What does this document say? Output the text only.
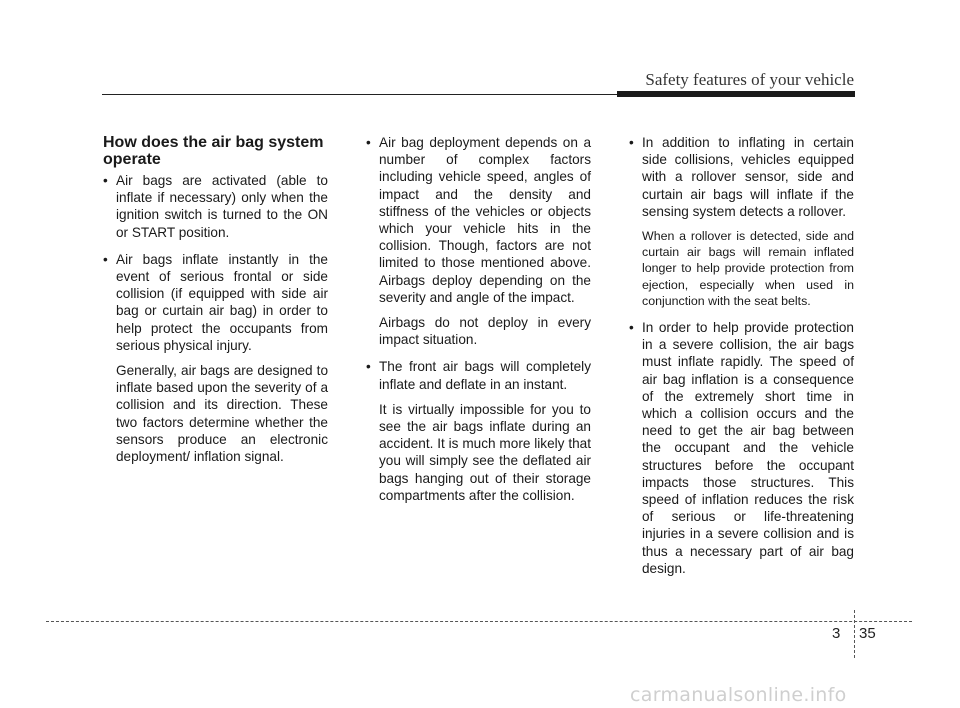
Safety features of your vehicle
How does the air bag system operate
• Air bags are activated (able to inflate if necessary) only when the ignition switch is turned to the ON or START position.

• Air bags inflate instantly in the event of serious frontal or side collision (if equipped with side air bag or curtain air bag) in order to help protect the occupants from serious physical injury.

Generally, air bags are designed to inflate based upon the severity of a collision and its direction. These two factors determine whether the sensors produce an electronic deployment/ inflation signal.

• Air bag deployment depends on a number of complex factors including vehicle speed, angles of impact and the density and stiffness of the vehicles or objects which your vehicle hits in the collision. Though, factors are not limited to those mentioned above. Airbags deploy depending on the severity and angle of the impact.

Airbags do not deploy in every impact situation.

• The front air bags will completely inflate and deflate in an instant.

It is virtually impossible for you to see the air bags inflate during an accident. It is much more likely that you will simply see the deflated air bags hanging out of their storage compartments after the collision.

• In addition to inflating in certain side collisions, vehicles equipped with a rollover sensor, side and curtain air bags will inflate if the sensing system detects a rollover.

When a rollover is detected, side and curtain air bags will remain inflated longer to help provide protection from ejection, especially when used in conjunction with the seat belts.

• In order to help provide protection in a severe collision, the air bags must inflate rapidly. The speed of air bag inflation is a consequence of the extremely short time in which a collision occurs and the need to get the air bag between the occupant and the vehicle structures before the occupant impacts those structures. This speed of inflation reduces the risk of serious or life-threatening injuries in a severe collision and is thus a necessary part of air bag design.

3 35
carmanualsonline.info
